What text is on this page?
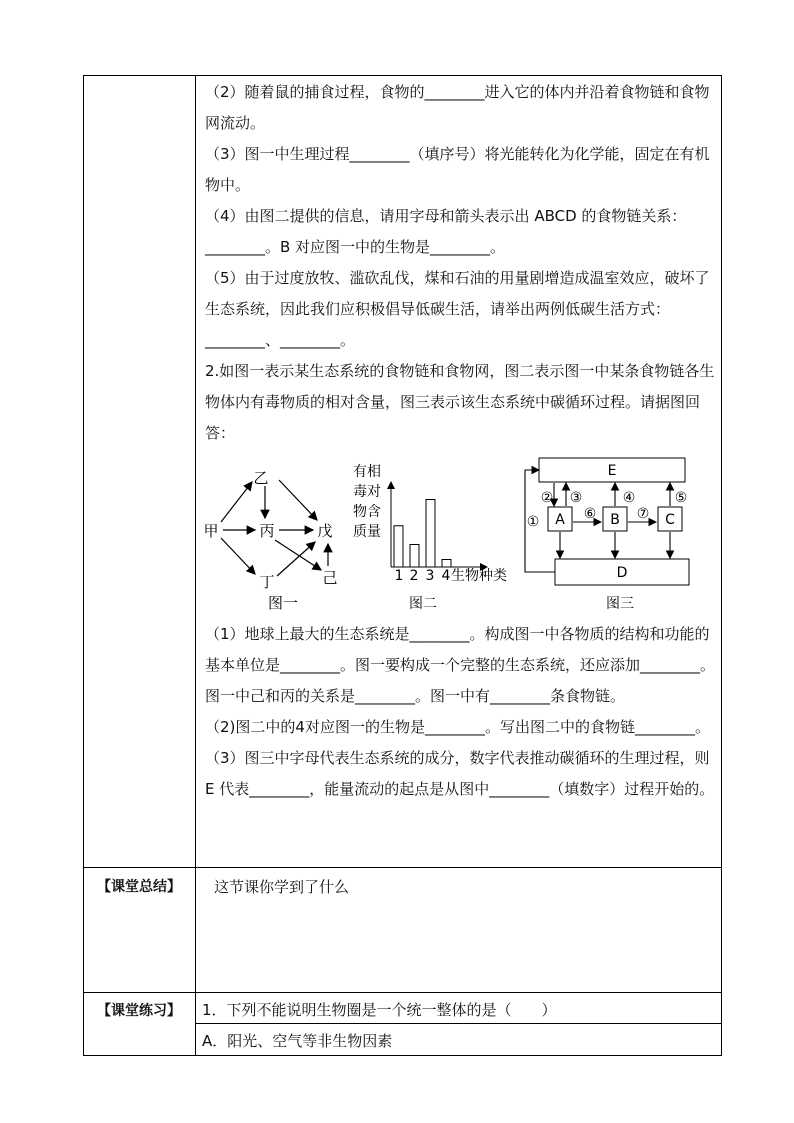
（2）随着鼠的捕食过程，食物的________进入它的体内并沿着食物链和食物网流动。

（3）图一中生理过程________（填序号）将光能转化为化学能，固定在有机物中。

（4）由图二提供的信息，请用字母和箭头表示出 ABCD 的食物链关系：________。B 对应图一中的生物是________。

（5）由于过度放牧、滥砍乱伐，煤和石油的用量剧增造成温室效应，破坏了生态系统，因此我们应积极倡导低碳生活，请举出两例低碳生活方式：________、________。

2.如图一表示某生态系统的食物链和食物网，图二表示图一中某条食物链各生物体内有毒物质的相对含量，图三表示该生态系统中碳循环过程。请据图回答：

乙
甲	丙	戊
丁	己
图一
有相
毒对
物含
质量
生物种类
1 2 3 4
图二
E
A	B	C
D
①
② ③	④	⑤
⑥	⑦
图三

（1）地球上最大的生态系统是________。构成图一中各物质的结构和功能的基本单位是________。图一要构成一个完整的生态系统，还应添加________。图一中己和丙的关系是________。图一中有________条食物链。

（2)图二中的4对应图一的生物是________。写出图二中的食物链________。

（3）图三中字母代表生态系统的成分，数字代表推动碳循环的生理过程，则 E 代表________，能量流动的起点是从图中________（填数字）过程开始的。

【课堂总结】	这节课你学到了什么
【课堂练习】	1．下列不能说明生物圈是一个统一整体的是（　　）
A．阳光、空气等非生物因素
